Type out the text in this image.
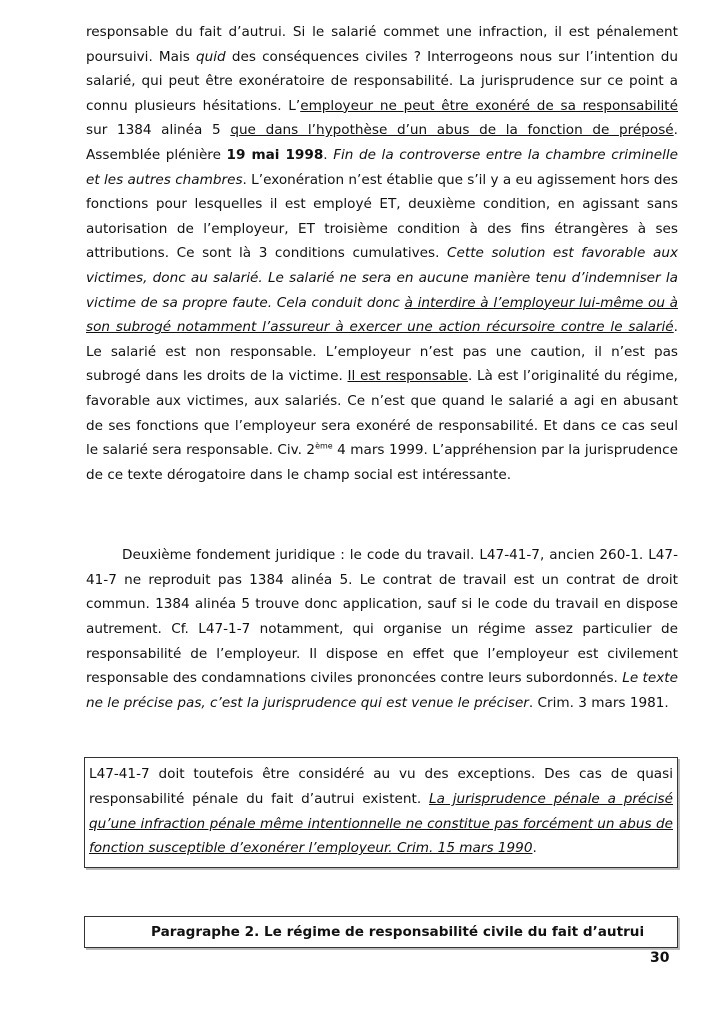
responsable du fait d’autrui. Si le salarié commet une infraction, il est pénalement poursuivi. Mais quid des conséquences civiles ? Interrogeons nous sur l’intention du salarié, qui peut être exonératoire de responsabilité. La jurisprudence sur ce point a connu plusieurs hésitations. L’employeur ne peut être exonéré de sa responsabilité sur 1384 alinéa 5 que dans l’hypothèse d’un abus de la fonction de préposé. Assemblée plénière 19 mai 1998. Fin de la controverse entre la chambre criminelle et les autres chambres. L’exonération n’est établie que s’il y a eu agissement hors des fonctions pour lesquelles il est employé ET, deuxième condition, en agissant sans autorisation de l’employeur, ET troisième condition à des fins étrangères à ses attributions. Ce sont là 3 conditions cumulatives. Cette solution est favorable aux victimes, donc au salarié. Le salarié ne sera en aucune manière tenu d’indemniser la victime de sa propre faute. Cela conduit donc à interdire à l’employeur lui-même ou à son subrogé notamment l’assureur à exercer une action récursoire contre le salarié. Le salarié est non responsable. L’employeur n’est pas une caution, il n’est pas subrogé dans les droits de la victime. Il est responsable. Là est l’originalité du régime, favorable aux victimes, aux salariés. Ce n’est que quand le salarié a agi en abusant de ses fonctions que l’employeur sera exonéré de responsabilité. Et dans ce cas seul le salarié sera responsable. Civ. 2ème 4 mars 1999. L’appréhension par la jurisprudence de ce texte dérogatoire dans le champ social est intéressante.

Deuxième fondement juridique : le code du travail. L47-41-7, ancien 260-1. L47-41-7 ne reproduit pas 1384 alinéa 5. Le contrat de travail est un contrat de droit commun. 1384 alinéa 5 trouve donc application, sauf si le code du travail en dispose autrement. Cf. L47-1-7 notamment, qui organise un régime assez particulier de responsabilité de l’employeur. Il dispose en effet que l’employeur est civilement responsable des condamnations civiles prononcées contre leurs subordonnés. Le texte ne le précise pas, c’est la jurisprudence qui est venue le préciser. Crim. 3 mars 1981.

L47-41-7 doit toutefois être considéré au vu des exceptions. Des cas de quasi responsabilité pénale du fait d’autrui existent. La jurisprudence pénale a précisé qu’une infraction pénale même intentionnelle ne constitue pas forcément un abus de fonction susceptible d’exonérer l’employeur. Crim. 15 mars 1990.
Paragraphe 2. Le régime de responsabilité civile du fait d’autrui
30
